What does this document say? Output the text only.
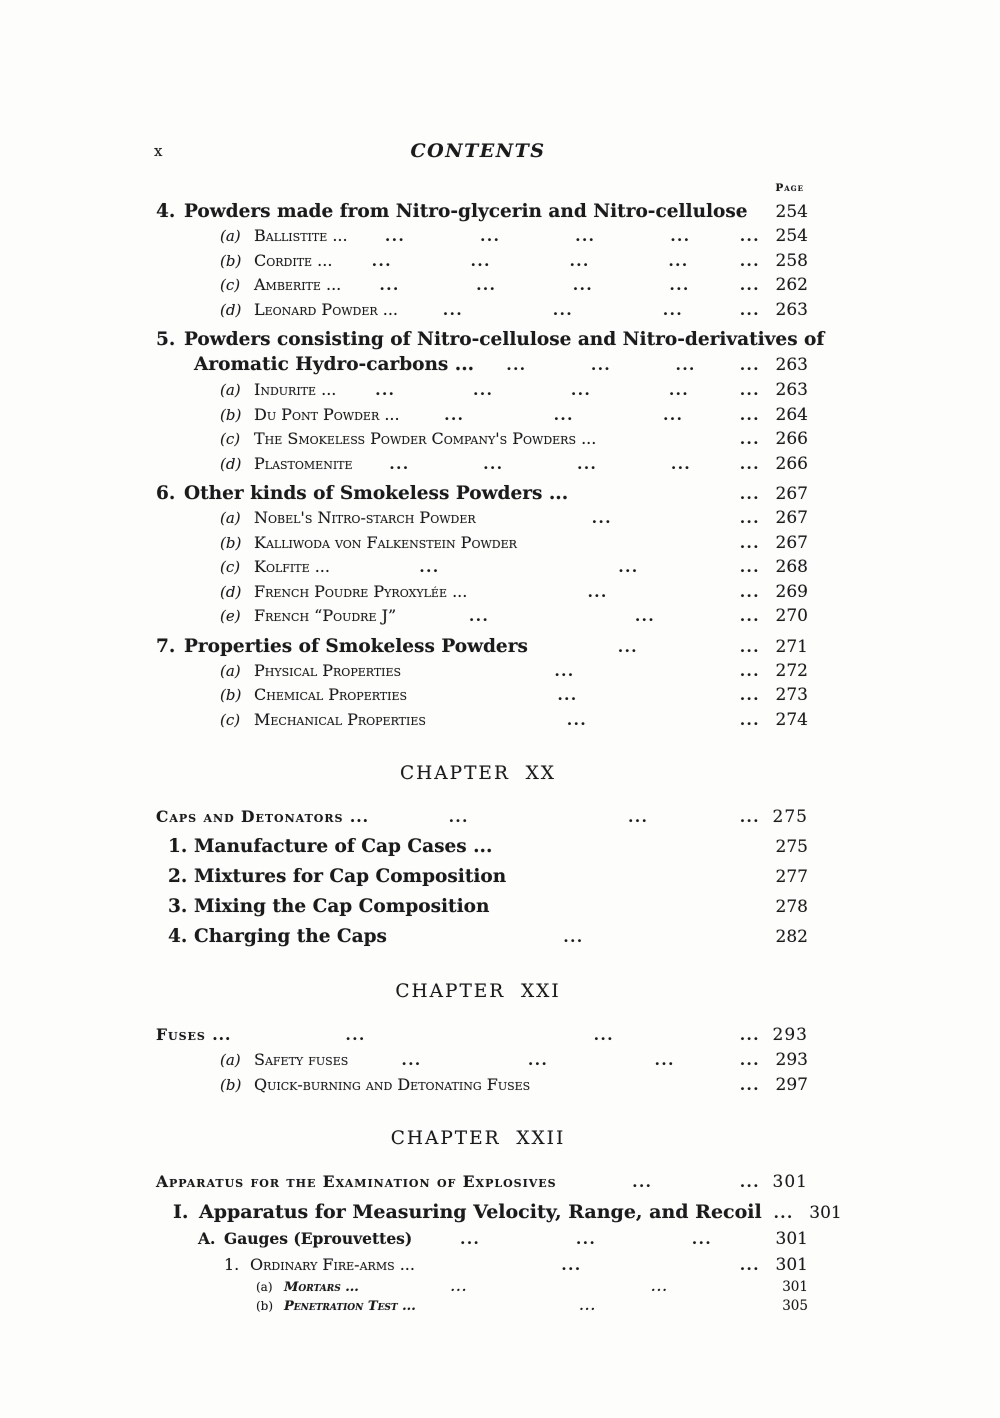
x	CONTENTS
Page
4. Powders made from Nitro-glycerin and Nitro-cellulose	254
(a) Ballistite ... ...	...	...	...	... 254
(b) Cordite ...	...	...	...	...	... 258
(c) Amberite ...	...	...	...	...	... 262
(d) Leonard Powder ...	...	...	...	... 263
5. Powders consisting of Nitro-cellulose and Nitro-derivatives of
Aromatic Hydro-carbons ... ...	...	...	... 263
(a) Indurite ...	...	...	...	...	... 263
(b) Du Pont Powder ...	...	...	...	... 264
(c) The Smokeless Powder Company's Powders ...	... 266
(d) Plastomenite ...	...	...	...	... 266
6. Other kinds of Smokeless Powders ...	... 267
(a) Nobel's Nitro-starch Powder	...	... 267
(b) Kalliwoda von Falkenstein Powder	... 267
(c) Kolfite ...	...	...	... 268
(d) French Poudre Pyroxylée ...	...	... 269
(e) French “Poudre J”	...	...	... 270
7. Properties of Smokeless Powders	...	... 271
(a) Physical Properties	...	... 272
(b) Chemical Properties	...	... 273
(c) Mechanical Properties	...	... 274
CHAPTER  XX
Caps and Detonators ...	...	...	... 275
1. Manufacture of Cap Cases ...	275
2. Mixtures for Cap Composition	277
3. Mixing the Cap Composition	278
4. Charging the Caps	...	282
CHAPTER  XXI
Fuses ...	...	...	... 293
(a) Safety fuses	...	...	...	... 293
(b) Quick-burning and Detonating Fuses	... 297
CHAPTER  XXII
Apparatus for the Examination of Explosives	...	... 301
I. Apparatus for Measuring Velocity, Range, and Recoil ... 301
A. Gauges (Eprouvettes)	...	...	...	301
1. Ordinary Fire-arms ...	...	... 301
(a) Mortars ...	...	...	301
(b) Penetration Test ...	...	305
